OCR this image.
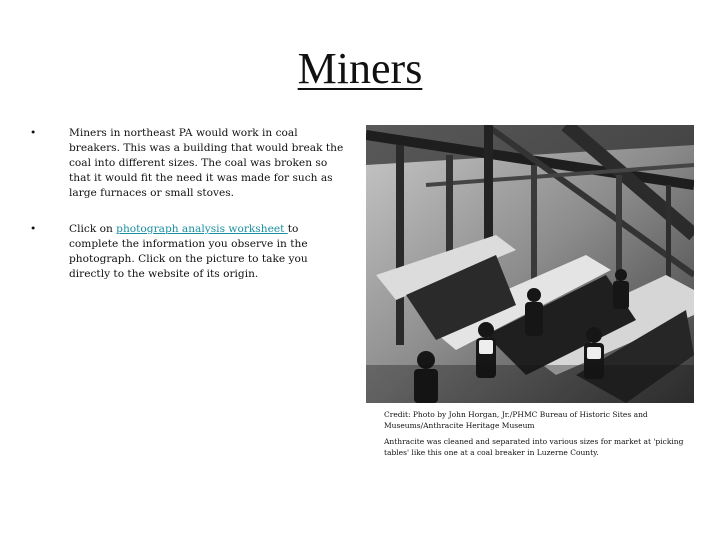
Miners
•	Miners in northeast PA would work in coal breakers. This was a building that would break the coal into different sizes. The coal was broken so that it would fit the need it was made for such as large furnaces or small stoves.
•	Click on photograph analysis worksheet to complete the information you observe in the photograph. Click on the picture to take you directly to the website of its origin.

Credit: Photo by John Horgan, Jr./PHMC Bureau of Historic Sites and Museums/Anthracite Heritage Museum

Anthracite was cleaned and separated into various sizes for market at 'picking tables' like this one at a coal breaker in Luzerne County.
